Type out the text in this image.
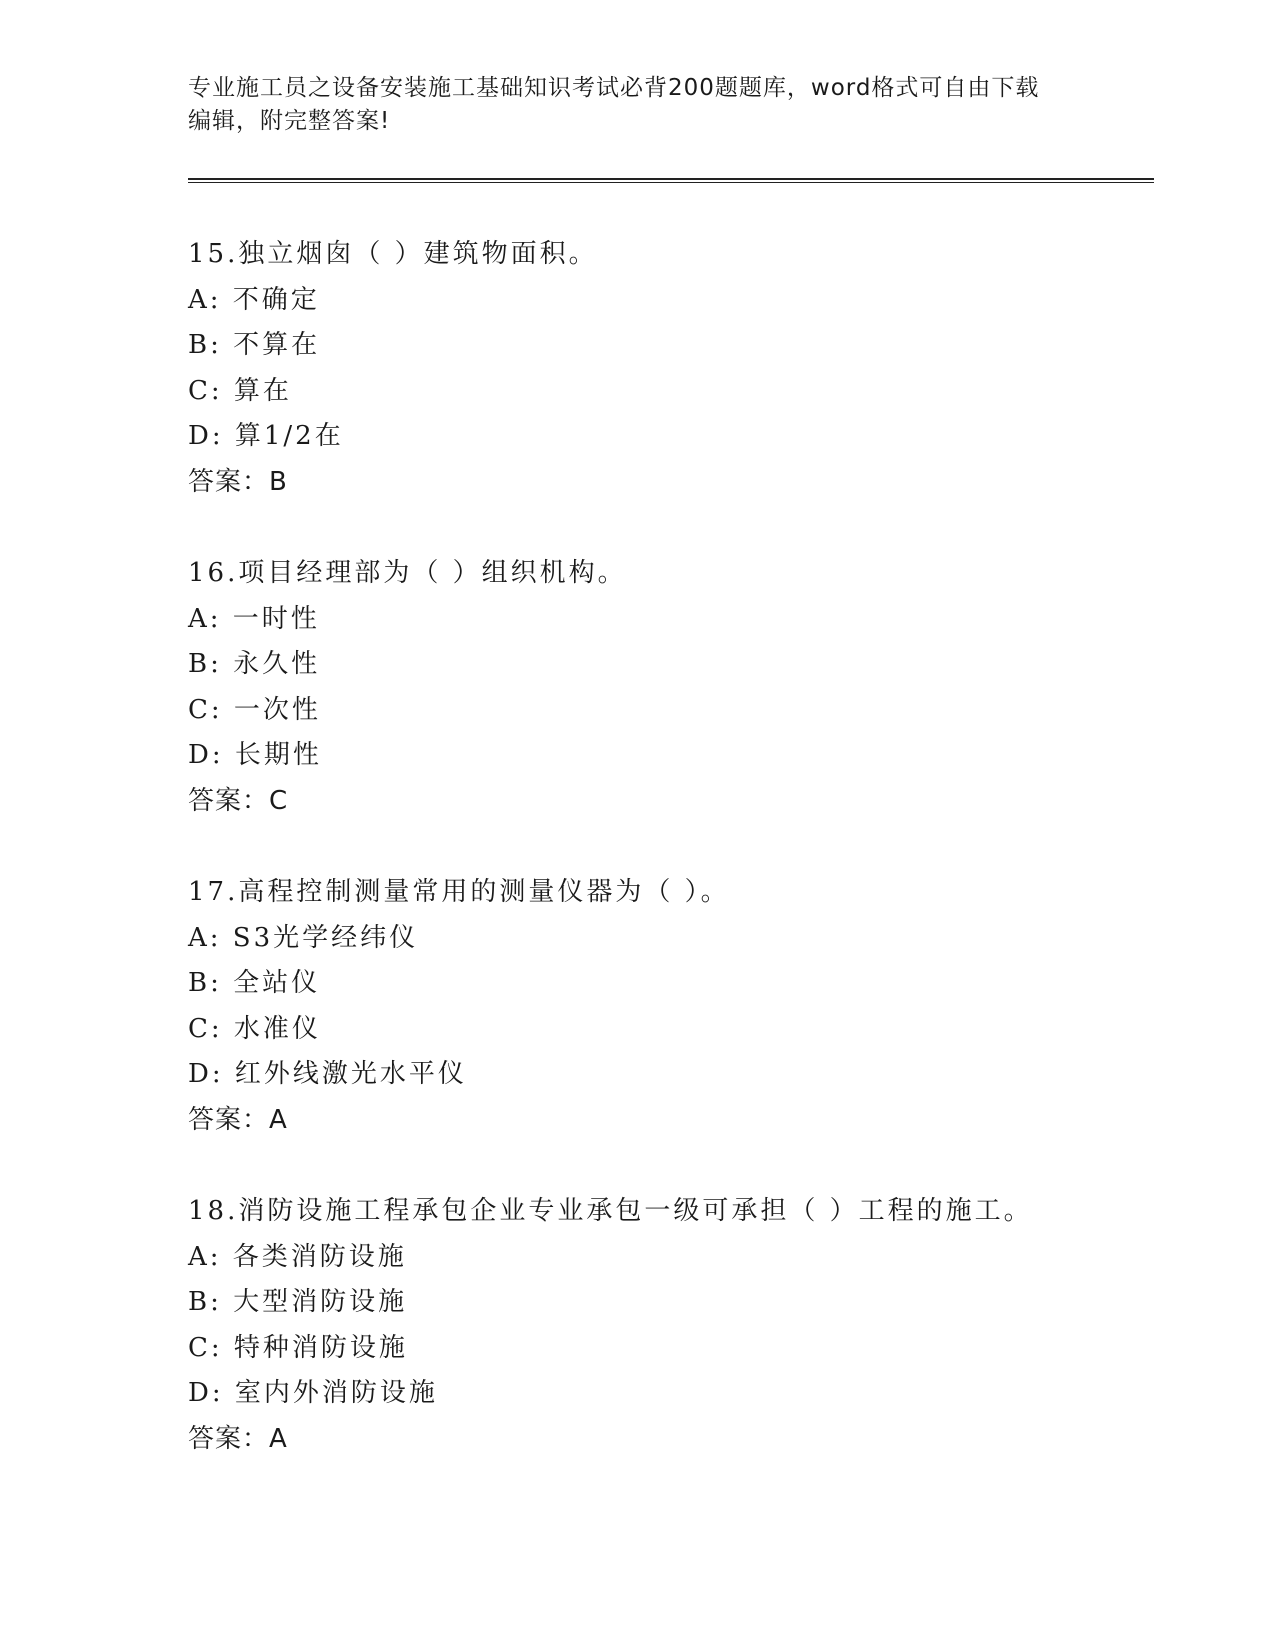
专业施工员之设备安装施工基础知识考试必背200题题库，word格式可自由下载
编辑，附完整答案!
15.独立烟囱（ ）建筑物面积。
A: 不确定
B: 不算在
C: 算在
D: 算1/2在
答案：B
16.项目经理部为（ ）组织机构。
A: 一时性
B: 永久性
C: 一次性
D: 长期性
答案：C
17.高程控制测量常用的测量仪器为（ ）。
A: S3光学经纬仪
B: 全站仪
C: 水准仪
D: 红外线激光水平仪
答案：A
18.消防设施工程承包企业专业承包一级可承担（ ）工程的施工。
A: 各类消防设施
B: 大型消防设施
C: 特种消防设施
D: 室内外消防设施
答案：A
